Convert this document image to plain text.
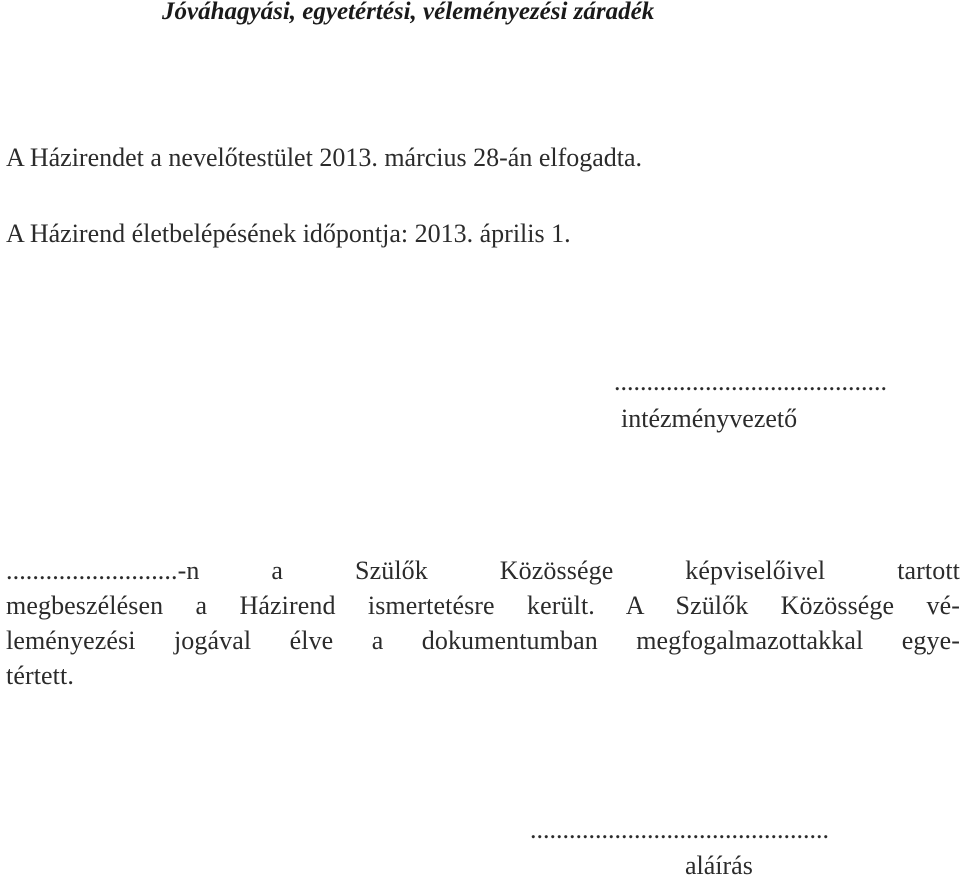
Jóváhagyási, egyetértési, véleményezési záradék
A Házirendet a nevelőtestület 2013. március 28-án elfogadta.
A Házirend életbelépésének időpontja: 2013. április 1.
..........................................
intézményvezető
..........................-n a Szülők Közössége képviselőivel tartott
megbeszélésen a Házirend ismertetésre került. A Szülők Közössége vé-
leményezési jogával élve a dokumentumban megfogalmazottakkal egye-
tértett.
..............................................
aláírás
